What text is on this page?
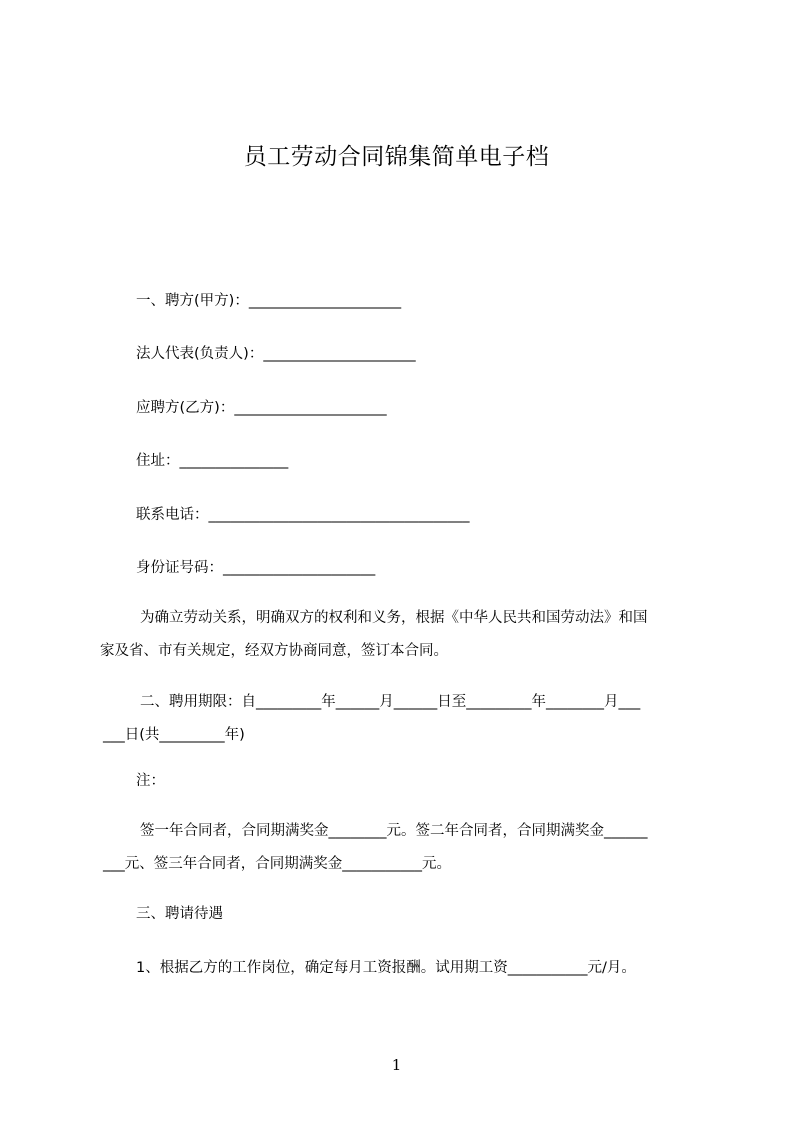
员工劳动合同锦集简单电子档
一、聘方(甲方)：_____________________
法人代表(负责人)：_____________________
应聘方(乙方)：_____________________
住址：_______________
联系电话：____________________________________
身份证号码：_____________________
为确立劳动关系，明确双方的权利和义务，根据《中华人民共和国劳动法》和国
家及省、市有关规定，经双方协商同意，签订本合同。
二、聘用期限：自_________年______月______日至_________年________月___
___日(共_________年)
注：
签一年合同者，合同期满奖金________元。签二年合同者，合同期满奖金______
___元、签三年合同者，合同期满奖金___________元。
三、聘请待遇
1、根据乙方的工作岗位，确定每月工资报酬。试用期工资___________元/月。
1
